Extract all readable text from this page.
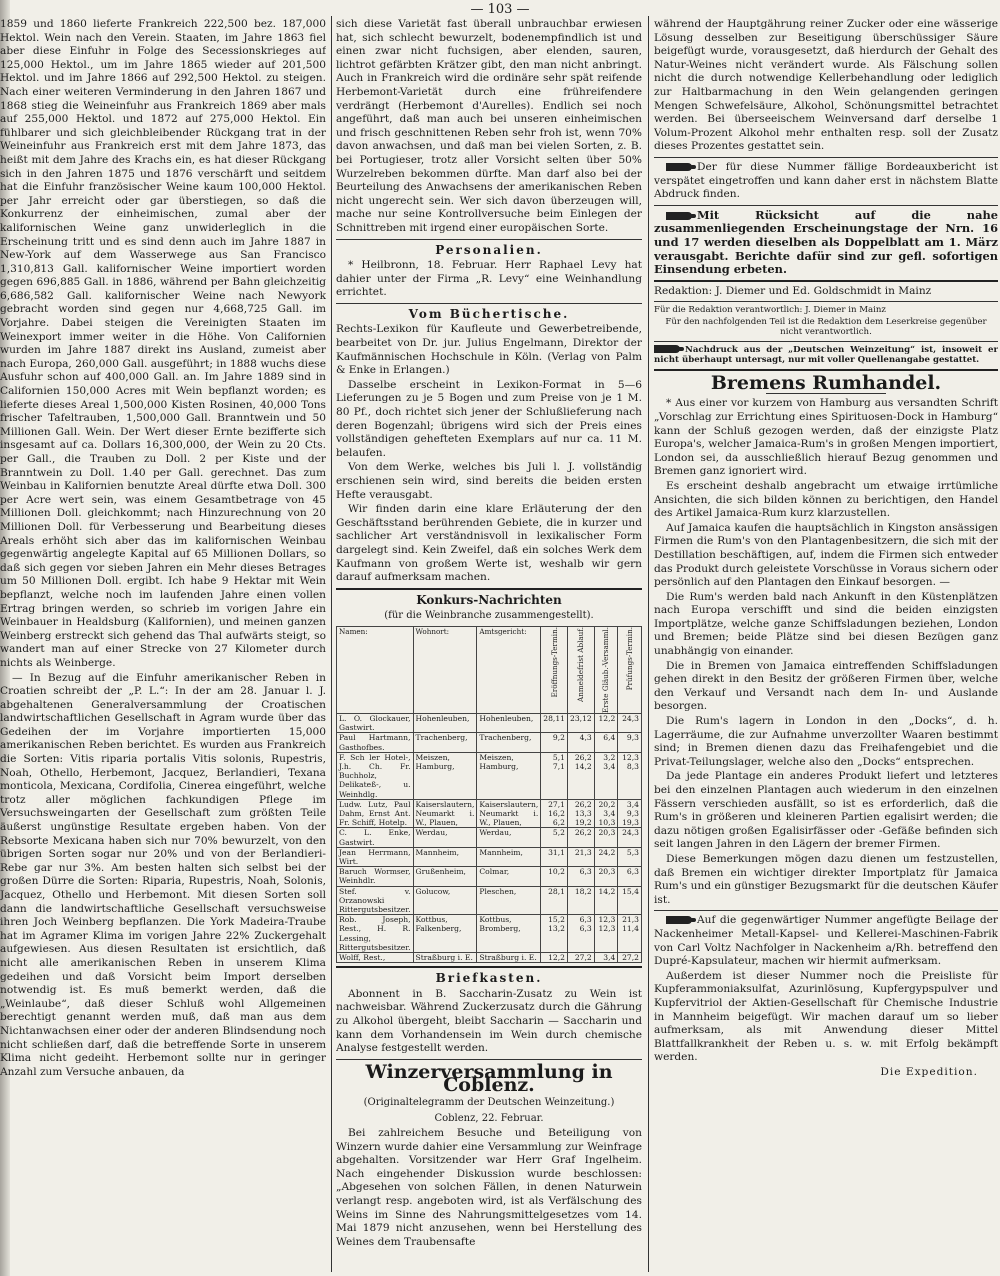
— 103 —

1859 und 1860 lieferte Frankreich 222,500 bez. 187,000 Hektol. Wein nach den Verein. Staaten, im Jahre 1863 fiel aber diese Einfuhr in Folge des Secessionskrieges auf 125,000 Hektol., um im Jahre 1865 wieder auf 201,500 Hektol. und im Jahre 1866 auf 292,500 Hektol. zu steigen. Nach einer weiteren Verminderung in den Jahren 1867 und 1868 stieg die Weineinfuhr aus Frankreich 1869 aber mals auf 255,000 Hektol. und 1872 auf 275,000 Hektol. Ein fühlbarer und sich gleichbleibender Rückgang trat in der Weineinfuhr aus Frankreich erst mit dem Jahre 1873, das heißt mit dem Jahre des Krachs ein, es hat dieser Rückgang sich in den Jahren 1875 und 1876 verschärft und seitdem hat die Einfuhr französischer Weine kaum 100,000 Hektol. per Jahr erreicht oder gar überstiegen, so daß die Konkurrenz der einheimischen, zumal aber der kalifornischen Weine ganz unwiderleglich in die Erscheinung tritt und es sind denn auch im Jahre 1887 in New-York auf dem Wasserwege aus San Francisco 1,310,813 Gall. kalifornischer Weine importiert worden gegen 696,885 Gall. in 1886, während per Bahn gleichzeitig 6,686,582 Gall. kalifornischer Weine nach Newyork gebracht worden sind gegen nur 4,668,725 Gall. im Vorjahre. Dabei steigen die Vereinigten Staaten im Weinexport immer weiter in die Höhe. Von Californien wurden im Jahre 1887 direkt ins Ausland, zumeist aber nach Europa, 260,000 Gall. ausgeführt; in 1888 wuchs diese Ausfuhr schon auf 400,000 Gall. an. Im Jahre 1889 sind in Californien 150,000 Acres mit Wein bepflanzt worden; es lieferte dieses Areal 1,500,000 Kisten Rosinen, 40,000 Tons frischer Tafeltrauben, 1,500,000 Gall. Branntwein und 50 Millionen Gall. Wein. Der Wert dieser Ernte bezifferte sich insgesamt auf ca. Dollars 16,300,000, der Wein zu 20 Cts. per Gall., die Trauben zu Doll. 2 per Kiste und der Branntwein zu Doll. 1.40 per Gall. gerechnet. Das zum Weinbau in Kalifornien benutzte Areal dürfte etwa Doll. 300 per Acre wert sein, was einem Gesamtbetrage von 45 Millionen Doll. gleichkommt; nach Hinzurechnung von 20 Millionen Doll. für Verbesserung und Bearbeitung dieses Areals erhöht sich aber das im kalifornischen Weinbau gegenwärtig angelegte Kapital auf 65 Millionen Dollars, so daß sich gegen vor sieben Jahren ein Mehr dieses Betrages um 50 Millionen Doll. ergibt. Ich habe 9 Hektar mit Wein bepflanzt, welche noch im laufenden Jahre einen vollen Ertrag bringen werden, so schrieb im vorigen Jahre ein Weinbauer in Healdsburg (Kalifornien), und meinen ganzen Weinberg erstreckt sich gehend das Thal aufwärts steigt, so wandert man auf einer Strecke von 27 Kilometer durch nichts als Weinberge.

— In Bezug auf die Einfuhr amerikanischer Reben in Croatien schreibt der „P. L.“: In der am 28. Januar l. J. abgehaltenen Generalversammlung der Croatischen landwirtschaftlichen Gesellschaft in Agram wurde über das Gedeihen der im Vorjahre importierten 15,000 amerikanischen Reben berichtet. Es wurden aus Frankreich die Sorten: Vitis riparia portalis Vitis solonis, Rupestris, Noah, Othello, Herbemont, Jacquez, Berlandieri, Texana monticola, Mexicana, Cordifolia, Cinerea eingeführt, welche trotz aller möglichen fachkundigen Pflege im Versuchsweingarten der Gesellschaft zum größten Teile äußerst ungünstige Resultate ergeben haben. Von der Rebsorte Mexicana haben sich nur 70% bewurzelt, von den übrigen Sorten sogar nur 20% und von der Berlandieri-Rebe gar nur 3%. Am besten halten sich selbst bei der großen Dürre die Sorten: Riparia, Rupestris, Noah, Solonis, Jacquez, Othello und Herbemont. Mit diesen Sorten soll dann die landwirtschaftliche Gesellschaft versuchsweise ihren Joch Weinberg bepflanzen. Die York Madeira-Traube hat im Agramer Klima im vorigen Jahre 22% Zuckergehalt aufgewiesen. Aus diesen Resultaten ist ersichtlich, daß nicht alle amerikanischen Reben in unserem Klima gedeihen und daß Vorsicht beim Import derselben notwendig ist. Es muß bemerkt werden, daß die „Weinlaube“, daß dieser Schluß wohl Allgemeinen berechtigt genannt werden muß, daß man aus dem Nichtanwachsen einer oder der anderen Blindsendung noch nicht schließen darf, daß die betreffende Sorte in unserem Klima nicht gedeiht. Herbemont sollte nur in geringer Anzahl zum Versuche anbauen, da

sich diese Varietät fast überall unbrauchbar erwiesen hat, sich schlecht bewurzelt, bodenempfindlich ist und einen zwar nicht fuchsigen, aber elenden, sauren, lichtrot gefärbten Krätzer gibt, den man nicht anbringt. Auch in Frankreich wird die ordinäre sehr spät reifende Herbemont-Varietät durch eine frühreifendere verdrängt (Herbemont d'Aurelles). Endlich sei noch angeführt, daß man auch bei unseren einheimischen und frisch geschnittenen Reben sehr froh ist, wenn 70% davon anwachsen, und daß man bei vielen Sorten, z. B. bei Portugieser, trotz aller Vorsicht selten über 50% Wurzelreben bekommen dürfte. Man darf also bei der Beurteilung des Anwachsens der amerikanischen Reben nicht ungerecht sein. Wer sich davon überzeugen will, mache nur seine Kontrollversuche beim Einlegen der Schnittreben mit irgend einer europäischen Sorte.

Personalien.

* Heilbronn, 18. Februar. Herr Raphael Levy hat dahier unter der Firma „R. Levy“ eine Weinhandlung errichtet.

Vom Büchertische.

Rechts-Lexikon für Kaufleute und Gewerbetreibende, bearbeitet von Dr. jur. Julius Engelmann, Direktor der Kaufmännischen Hochschule in Köln. (Verlag von Palm & Enke in Erlangen.)

Dasselbe erscheint in Lexikon-Format in 5—6 Lieferungen zu je 5 Bogen und zum Preise von je 1 M. 80 Pf., doch richtet sich jener der Schlußlieferung nach deren Bogenzahl; übrigens wird sich der Preis eines vollständigen gehefteten Exemplars auf nur ca. 11 M. belaufen.

Von dem Werke, welches bis Juli l. J. vollständig erschienen sein wird, sind bereits die beiden ersten Hefte verausgabt.

Wir finden darin eine klare Erläuterung der den Geschäftsstand berührenden Gebiete, die in kurzer und sachlicher Art verständnisvoll in lexikalischer Form dargelegt sind. Kein Zweifel, daß ein solches Werk dem Kaufmann von großem Werte ist, weshalb wir gern darauf aufmerksam machen.

Konkurs-Nachrichten
(für die Weinbranche zusammengestellt).
Namen:	Wohnort:	Amtsgericht:	Eröffnungs-Termin.	Anmeldefrist Ablauf.	Erste Gläub.-Versamml.	Prüfungs-Termin.

L. O. Glockauer, Gastwirt.	Hohenleuben,	Hohenleuben,	28,11	23,12	12,2	24,3
Paul Hartmann, Gasthofbes.	Trachenberg,	Trachenberg,	9,2	4,3	6,4	9,3
F. Sch ler Hotel-, J.h. Ch. Fr. Buchholz, Delikateß-, u. Weinhdlg.	Meiszen, Hamburg,	Meiszen, Hamburg,	5,1 7,1	26,2 14,2	3,2 3,4	12,3 8,3
Ludw. Lutz, Paul Dahm, Ernst Ant. Fr. Schiff, Hotelp.	Kaiserslautern, Neumarkt i. W., Plauen,	Kaiserslautern, Neumarkt i. W., Plauen,	27,1 16,2 6,2	26,2 13,3 19,2	20,2 3,4 10,3	3,4 9,3 19,3
C. L. Enke, Gastwirt.	Werdau,	Werdau,	5,2	26,2	20,3	24,3
Jean Herrmann, Wirt.	Mannheim,	Mannheim,	31,1	21,3	24,2	5,3
Baruch Wormser, Weinhdlr.	Grußenheim,	Colmar,	10,2	6,3	20,3	6,3
Stef. v. Orzanowski Rittergutsbesitzer.	Golucow,	Pleschen,	28,1	18,2	14,2	15,4
Rob. Joseph, Rest., H. R. Lessing, Rittergutsbesitzer.	Kottbus, Falkenberg,	Kottbus, Bromberg,	15,2 13,2	6,3 6,3	12,3 12,3	21,3 11,4
Wolff, Rest.,	Straßburg i. E.	Straßburg i. E.	12,2	27,2	3,4	27,2
Briefkasten.

Abonnent in B. Saccharin-Zusatz zu Wein ist nachweisbar. Während Zuckerzusatz durch die Gährung zu Alkohol übergeht, bleibt Saccharin — Saccharin und kann dem Vorhandensein im Wein durch chemische Analyse festgestellt werden.

Winzerversammlung in Coblenz.
(Originaltelegramm der Deutschen Weinzeitung.)
Coblenz, 22. Februar.

Bei zahlreichem Besuche und Beteiligung von Winzern wurde dahier eine Versammlung zur Weinfrage abgehalten. Vorsitzender war Herr Graf Ingelheim. Nach eingehender Diskussion wurde beschlossen: „Abgesehen von solchen Fällen, in denen Naturwein verlangt resp. angeboten wird, ist als Verfälschung des Weins im Sinne des Nahrungsmittelgesetzes vom 14. Mai 1879 nicht anzusehen, wenn bei Herstellung des Weines dem Traubensafte

während der Hauptgährung reiner Zucker oder eine wässerige Lösung desselben zur Beseitigung überschüssiger Säure beigefügt wurde, vorausgesetzt, daß hierdurch der Gehalt des Natur-Weines nicht verändert wurde. Als Fälschung sollen nicht die durch notwendige Kellerbehandlung oder lediglich zur Haltbarmachung in den Wein gelangenden geringen Mengen Schwefelsäure, Alkohol, Schönungsmittel betrachtet werden. Bei überseeischem Weinversand darf derselbe 1 Volum-Prozent Alkohol mehr enthalten resp. soll der Zusatz dieses Prozentes gestattet sein.

Der für diese Nummer fällige Bordeauxbericht ist verspätet eingetroffen und kann daher erst in nächstem Blatte Abdruck finden.

Mit Rücksicht auf die nahe zusammenliegenden Erscheinungstage der Nrn. 16 und 17 werden dieselben als Doppelblatt am 1. März verausgabt. Berichte dafür sind zur gefl. sofortigen Einsendung erbeten.

Redaktion: J. Diemer und Ed. Goldschmidt in Mainz

Für die Redaktion verantwortlich: J. Diemer in Mainz

Für den nachfolgenden Teil ist die Redaktion dem Leserkreise gegenüber nicht verantwortlich.

Nachdruck aus der „Deutschen Weinzeitung“ ist, insoweit er nicht überhaupt untersagt, nur mit voller Quellenangabe gestattet.

Bremens Rumhandel.

* Aus einer vor kurzem von Hamburg aus versandten Schrift „Vorschlag zur Errichtung eines Spirituosen-Dock in Hamburg“ kann der Schluß gezogen werden, daß der einzigste Platz Europa's, welcher Jamaica-Rum's in großen Mengen importiert, London sei, da ausschließlich hierauf Bezug genommen und Bremen ganz ignoriert wird.

Es erscheint deshalb angebracht um etwaige irrtümliche Ansichten, die sich bilden können zu berichtigen, den Handel des Artikel Jamaica-Rum kurz klarzustellen.

Auf Jamaica kaufen die hauptsächlich in Kingston ansässigen Firmen die Rum's von den Plantagenbesitzern, die sich mit der Destillation beschäftigen, auf, indem die Firmen sich entweder das Produkt durch geleistete Vorschüsse in Voraus sichern oder persönlich auf den Plantagen den Einkauf besorgen. —

Die Rum's werden bald nach Ankunft in den Küstenplätzen nach Europa verschifft und sind die beiden einzigsten Importplätze, welche ganze Schiffsladungen beziehen, London und Bremen; beide Plätze sind bei diesen Bezügen ganz unabhängig von einander.

Die in Bremen von Jamaica eintreffenden Schiffsladungen gehen direkt in den Besitz der größeren Firmen über, welche den Verkauf und Versandt nach dem In- und Auslande besorgen.

Die Rum's lagern in London in den „Docks“, d. h. Lagerräume, die zur Aufnahme unverzollter Waaren bestimmt sind; in Bremen dienen dazu das Freihafengebiet und die Privat-Teilungslager, welche also den „Docks“ entsprechen.

Da jede Plantage ein anderes Produkt liefert und letzteres bei den einzelnen Plantagen auch wiederum in den einzelnen Fässern verschieden ausfällt, so ist es erforderlich, daß die Rum's in größeren und kleineren Partien egalisirt werden; die dazu nötigen großen Egalisirfässer oder -Gefäße befinden sich seit langen Jahren in den Lägern der bremer Firmen.

Diese Bemerkungen mögen dazu dienen um festzustellen, daß Bremen ein wichtiger direkter Importplatz für Jamaica Rum's und ein günstiger Bezugsmarkt für die deutschen Käufer ist.

Auf die gegenwärtiger Nummer angefügte Beilage der Nackenheimer Metall-Kapsel- und Kellerei-Maschinen-Fabrik von Carl Voltz Nachfolger in Nackenheim a/Rh. betreffend den Dupré-Kapsulateur, machen wir hiermit aufmerksam.

Außerdem ist dieser Nummer noch die Preisliste für Kupferammoniaksulfat, Azurinlösung, Kupfergypspulver und Kupfervitriol der Aktien-Gesellschaft für Chemische Industrie in Mannheim beigefügt. Wir machen darauf um so lieber aufmerksam, als mit Anwendung dieser Mittel Blattfallkrankheit der Reben u. s. w. mit Erfolg bekämpft werden.

Die Expedition.
